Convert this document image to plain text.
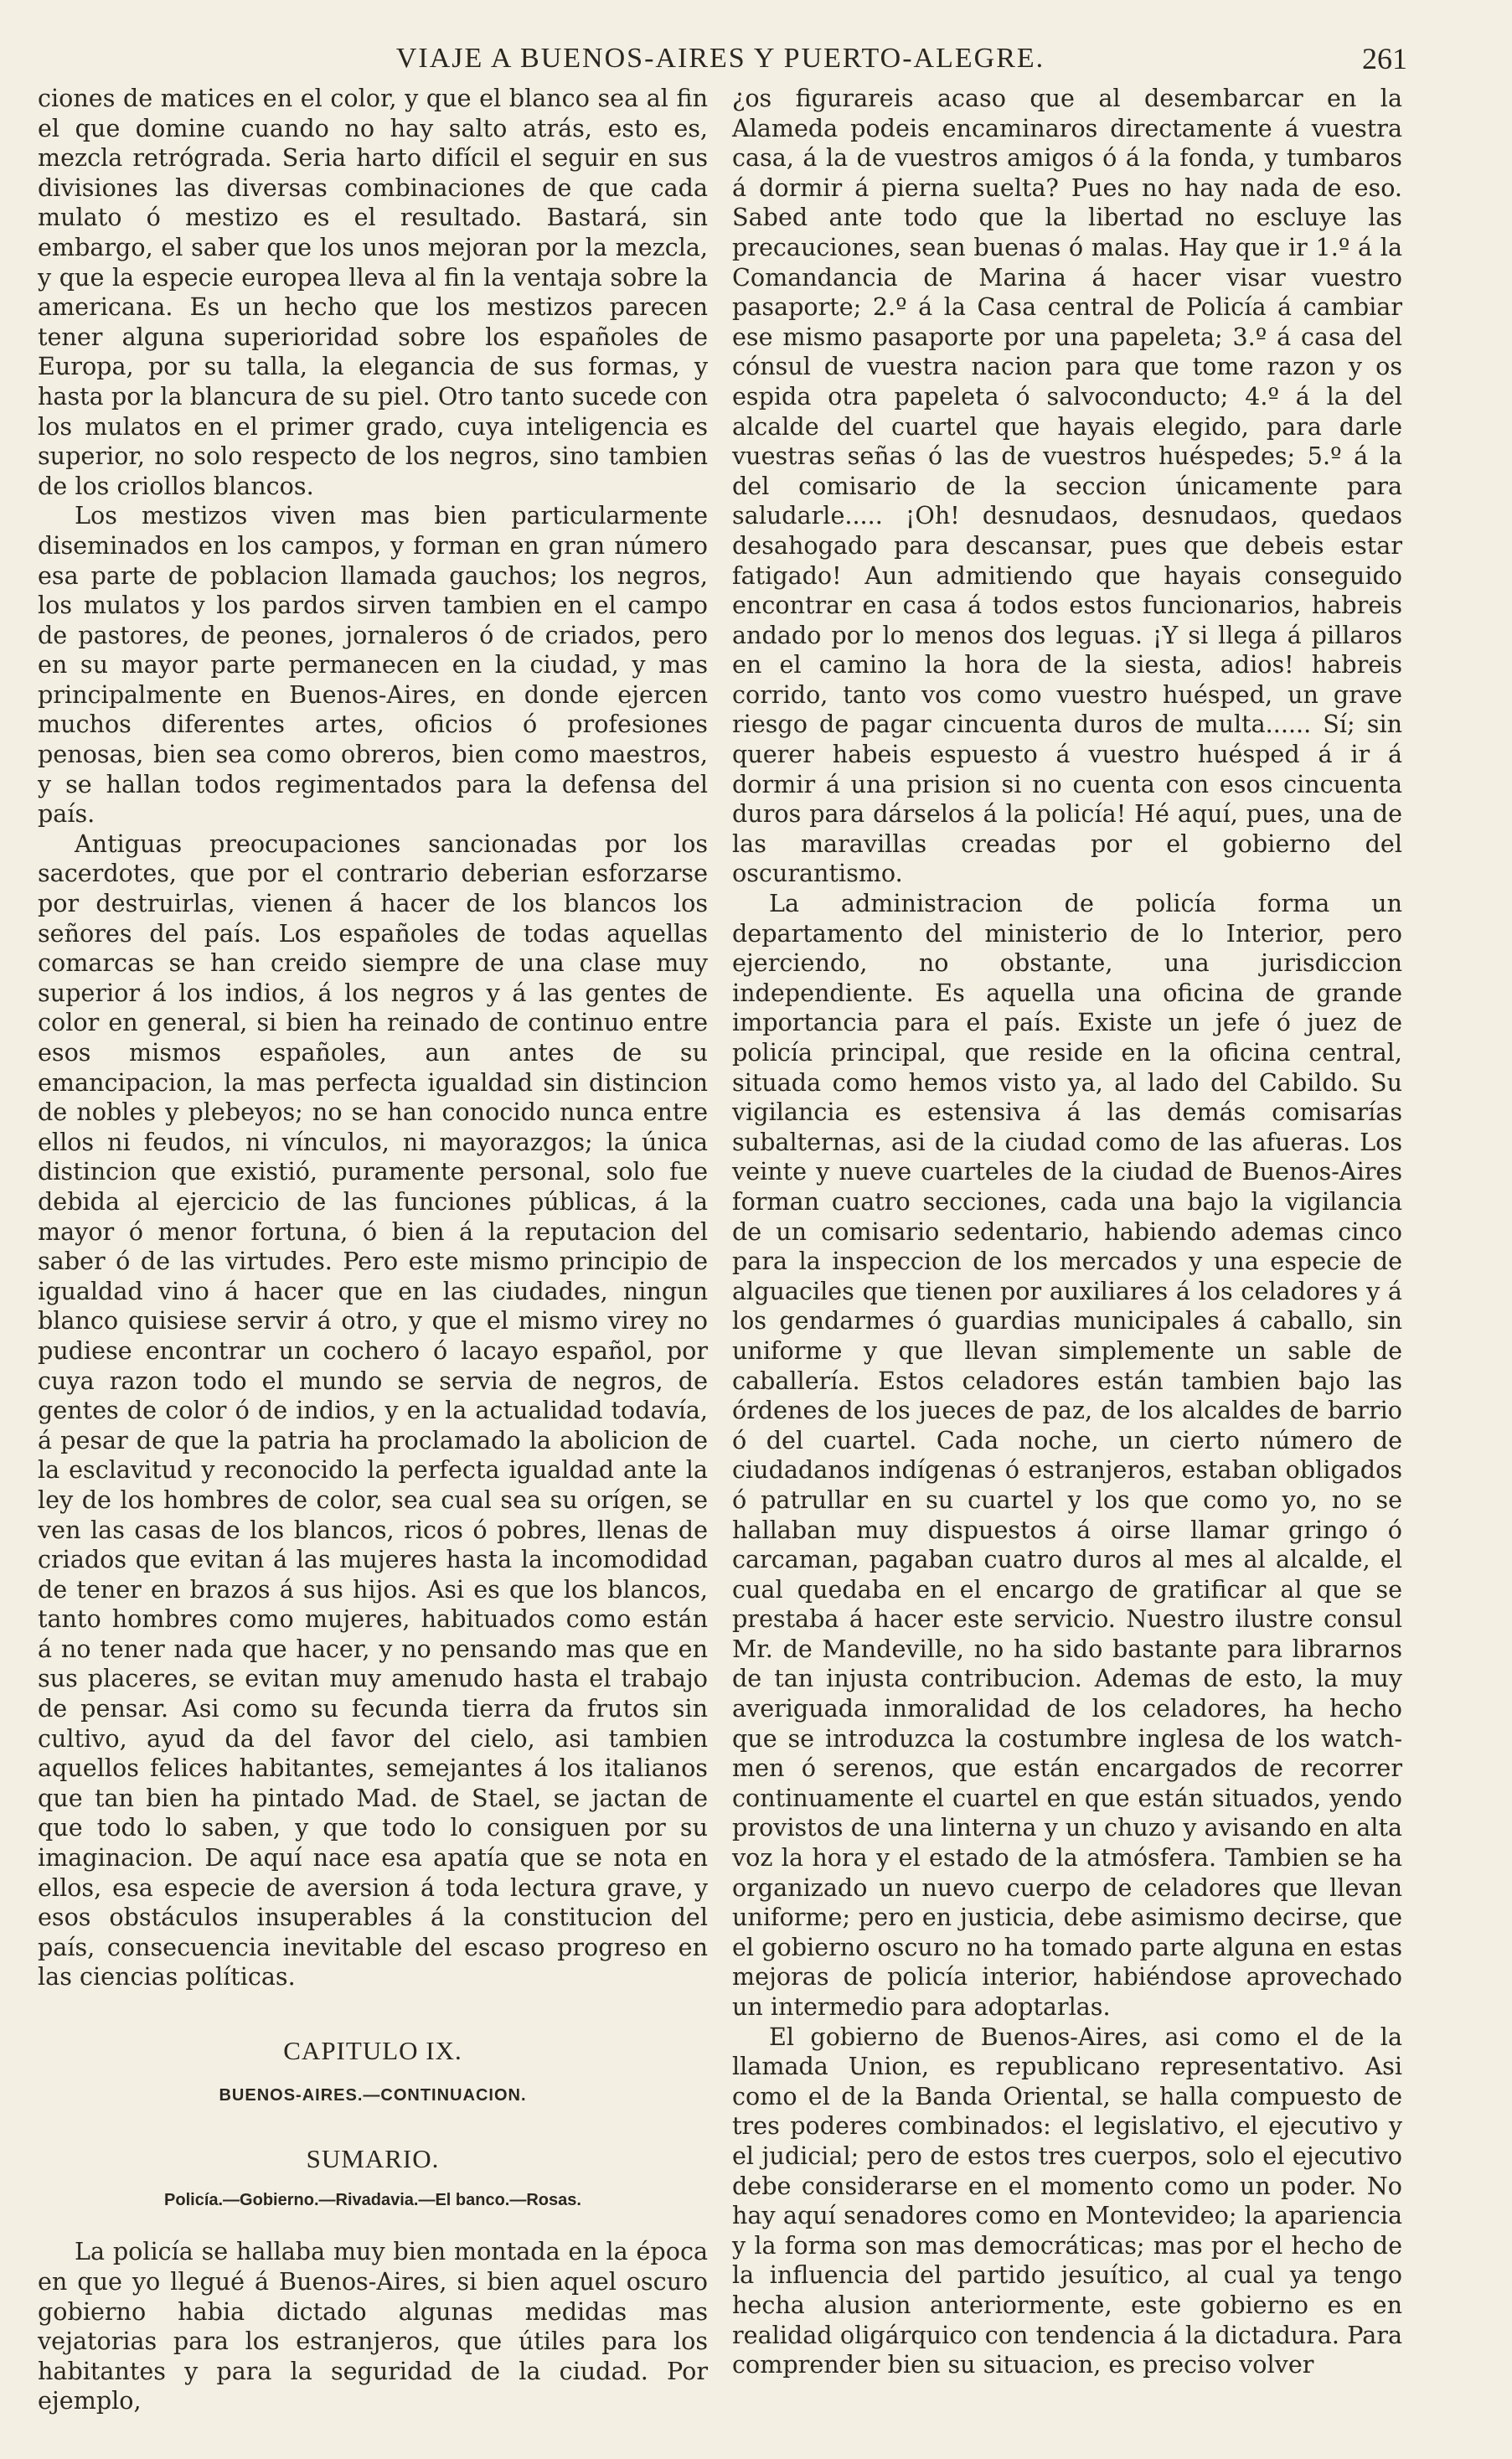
VIAJE A BUENOS-AIRES Y PUERTO-ALEGRE.	261

ciones de matices en el color, y que el blanco sea al fin el que domine cuando no hay salto atrás, esto es, mezcla retrógrada. Seria harto difícil el seguir en sus divisiones las diversas combinaciones de que cada mulato ó mestizo es el resultado. Bastará, sin embargo, el saber que los unos mejoran por la mezcla, y que la especie europea lleva al fin la ventaja sobre la americana. Es un hecho que los mestizos parecen tener alguna superioridad sobre los españoles de Europa, por su talla, la elegancia de sus formas, y hasta por la blancura de su piel. Otro tanto sucede con los mulatos en el primer grado, cuya inteligencia es superior, no solo respecto de los negros, sino tambien de los criollos blancos.

Los mestizos viven mas bien particularmente diseminados en los campos, y forman en gran número esa parte de poblacion llamada gauchos; los negros, los mulatos y los pardos sirven tambien en el campo de pastores, de peones, jornaleros ó de criados, pero en su mayor parte permanecen en la ciudad, y mas principalmente en Buenos-Aires, en donde ejercen muchos diferentes artes, oficios ó profesiones penosas, bien sea como obreros, bien como maestros, y se hallan todos regimentados para la defensa del país.

Antiguas preocupaciones sancionadas por los sacerdotes, que por el contrario deberian esforzarse por destruirlas, vienen á hacer de los blancos los señores del país. Los españoles de todas aquellas comarcas se han creido siempre de una clase muy superior á los indios, á los negros y á las gentes de color en general, si bien ha reinado de continuo entre esos mismos españoles, aun antes de su emancipacion, la mas perfecta igualdad sin distincion de nobles y plebeyos; no se han conocido nunca entre ellos ni feudos, ni vínculos, ni mayorazgos; la única distincion que existió, puramente personal, solo fue debida al ejercicio de las funciones públicas, á la mayor ó menor fortuna, ó bien á la reputacion del saber ó de las virtudes. Pero este mismo principio de igualdad vino á hacer que en las ciudades, ningun blanco quisiese servir á otro, y que el mismo virey no pudiese encontrar un cochero ó lacayo español, por cuya razon todo el mundo se servia de negros, de gentes de color ó de indios, y en la actualidad todavía, á pesar de que la patria ha proclamado la abolicion de la esclavitud y reconocido la perfecta igualdad ante la ley de los hombres de color, sea cual sea su orígen, se ven las casas de los blancos, ricos ó pobres, llenas de criados que evitan á las mujeres hasta la incomodidad de tener en brazos á sus hijos. Asi es que los blancos, tanto hombres como mujeres, habituados como están á no tener nada que hacer, y no pensando mas que en sus placeres, se evitan muy amenudo hasta el trabajo de pensar. Asi como su fecunda tierra da frutos sin cultivo, ayud da del favor del cielo, asi tambien aquellos felices habitantes, semejantes á los italianos que tan bien ha pintado Mad. de Stael, se jactan de que todo lo saben, y que todo lo consiguen por su imaginacion. De aquí nace esa apatía que se nota en ellos, esa especie de aversion á toda lectura grave, y esos obstáculos insuperables á la constitucion del país, consecuencia inevitable del escaso progreso en las ciencias políticas.

CAPITULO IX.
BUENOS-AIRES.—CONTINUACION.
SUMARIO.
Policía.—Gobierno.—Rivadavia.—El banco.—Rosas.

La policía se hallaba muy bien montada en la época en que yo llegué á Buenos-Aires, si bien aquel oscuro gobierno habia dictado algunas medidas mas vejatorias para los estranjeros, que útiles para los habitantes y para la seguridad de la ciudad. Por ejemplo,

¿os figurareis acaso que al desembarcar en la Alameda podeis encaminaros directamente á vuestra casa, á la de vuestros amigos ó á la fonda, y tumbaros á dormir á pierna suelta? Pues no hay nada de eso. Sabed ante todo que la libertad no escluye las precauciones, sean buenas ó malas. Hay que ir 1.º á la Comandancia de Marina á hacer visar vuestro pasaporte; 2.º á la Casa central de Policía á cambiar ese mismo pasaporte por una papeleta; 3.º á casa del cónsul de vuestra nacion para que tome razon y os espida otra papeleta ó salvoconducto; 4.º á la del alcalde del cuartel que hayais elegido, para darle vuestras señas ó las de vuestros huéspedes; 5.º á la del comisario de la seccion únicamente para saludarle..... ¡Oh! desnudaos, desnudaos, quedaos desahogado para descansar, pues que debeis estar fatigado! Aun admitiendo que hayais conseguido encontrar en casa á todos estos funcionarios, habreis andado por lo menos dos leguas. ¡Y si llega á pillaros en el camino la hora de la siesta, adios! habreis corrido, tanto vos como vuestro huésped, un grave riesgo de pagar cincuenta duros de multa...... Sí; sin querer habeis espuesto á vuestro huésped á ir á dormir á una prision si no cuenta con esos cincuenta duros para dárselos á la policía! Hé aquí, pues, una de las maravillas creadas por el gobierno del oscurantismo.

La administracion de policía forma un departamento del ministerio de lo Interior, pero ejerciendo, no obstante, una jurisdiccion independiente. Es aquella una oficina de grande importancia para el país. Existe un jefe ó juez de policía principal, que reside en la oficina central, situada como hemos visto ya, al lado del Cabildo. Su vigilancia es estensiva á las demás comisarías subalternas, asi de la ciudad como de las afueras. Los veinte y nueve cuarteles de la ciudad de Buenos-Aires forman cuatro secciones, cada una bajo la vigilancia de un comisario sedentario, habiendo ademas cinco para la inspeccion de los mercados y una especie de alguaciles que tienen por auxiliares á los celadores y á los gendarmes ó guardias municipales á caballo, sin uniforme y que llevan simplemente un sable de caballería. Estos celadores están tambien bajo las órdenes de los jueces de paz, de los alcaldes de barrio ó del cuartel. Cada noche, un cierto número de ciudadanos indígenas ó estranjeros, estaban obligados ó patrullar en su cuartel y los que como yo, no se hallaban muy dispuestos á oirse llamar gringo ó carcaman, pagaban cuatro duros al mes al alcalde, el cual quedaba en el encargo de gratificar al que se prestaba á hacer este servicio. Nuestro ilustre consul Mr. de Mandeville, no ha sido bastante para librarnos de tan injusta contribucion. Ademas de esto, la muy averiguada inmoralidad de los celadores, ha hecho que se introduzca la costumbre inglesa de los watch-men ó serenos, que están encargados de recorrer continuamente el cuartel en que están situados, yendo provistos de una linterna y un chuzo y avisando en alta voz la hora y el estado de la atmósfera. Tambien se ha organizado un nuevo cuerpo de celadores que llevan uniforme; pero en justicia, debe asimismo decirse, que el gobierno oscuro no ha tomado parte alguna en estas mejoras de policía interior, habiéndose aprovechado un intermedio para adoptarlas.

El gobierno de Buenos-Aires, asi como el de la llamada Union, es republicano representativo. Asi como el de la Banda Oriental, se halla compuesto de tres poderes combinados: el legislativo, el ejecutivo y el judicial; pero de estos tres cuerpos, solo el ejecutivo debe considerarse en el momento como un poder. No hay aquí senadores como en Montevideo; la apariencia y la forma son mas democráticas; mas por el hecho de la influencia del partido jesuítico, al cual ya tengo hecha alusion anteriormente, este gobierno es en realidad oligárquico con tendencia á la dictadura. Para comprender bien su situacion, es preciso volver
